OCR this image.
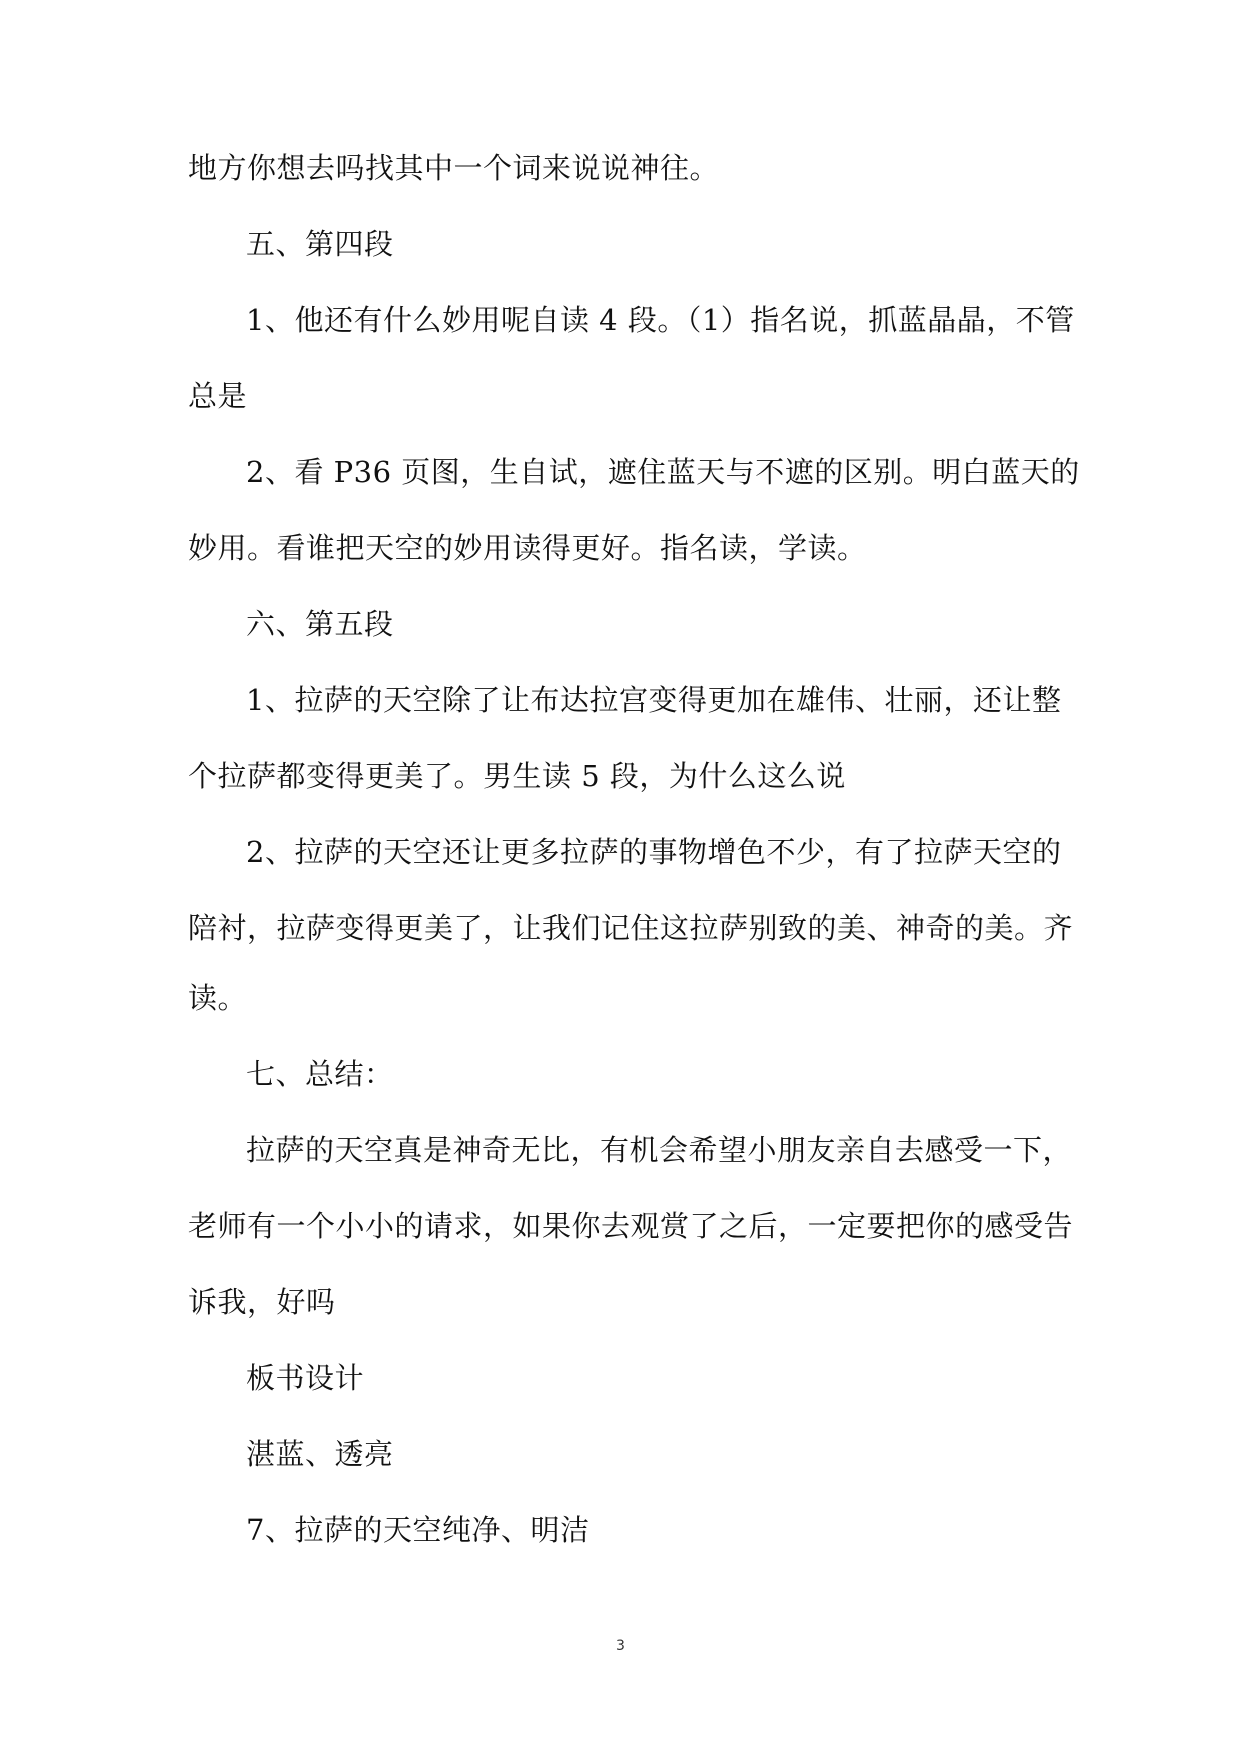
地方你想去吗找其中一个词来说说神往。
五、第四段
1、他还有什么妙用呢自读 4 段。（1）指名说，抓蓝晶晶，不管
总是
2、看 P36 页图，生自试，遮住蓝天与不遮的区别。明白蓝天的
妙用。看谁把天空的妙用读得更好。指名读，学读。
六、第五段
1、拉萨的天空除了让布达拉宫变得更加在雄伟、壮丽，还让整
个拉萨都变得更美了。男生读 5 段，为什么这么说
2、拉萨的天空还让更多拉萨的事物增色不少，有了拉萨天空的
陪衬，拉萨变得更美了，让我们记住这拉萨别致的美、神奇的美。齐
读。
七、总结：
拉萨的天空真是神奇无比，有机会希望小朋友亲自去感受一下，
老师有一个小小的请求，如果你去观赏了之后，一定要把你的感受告
诉我，好吗
板书设计
湛蓝、透亮
7、拉萨的天空纯净、明洁
3
